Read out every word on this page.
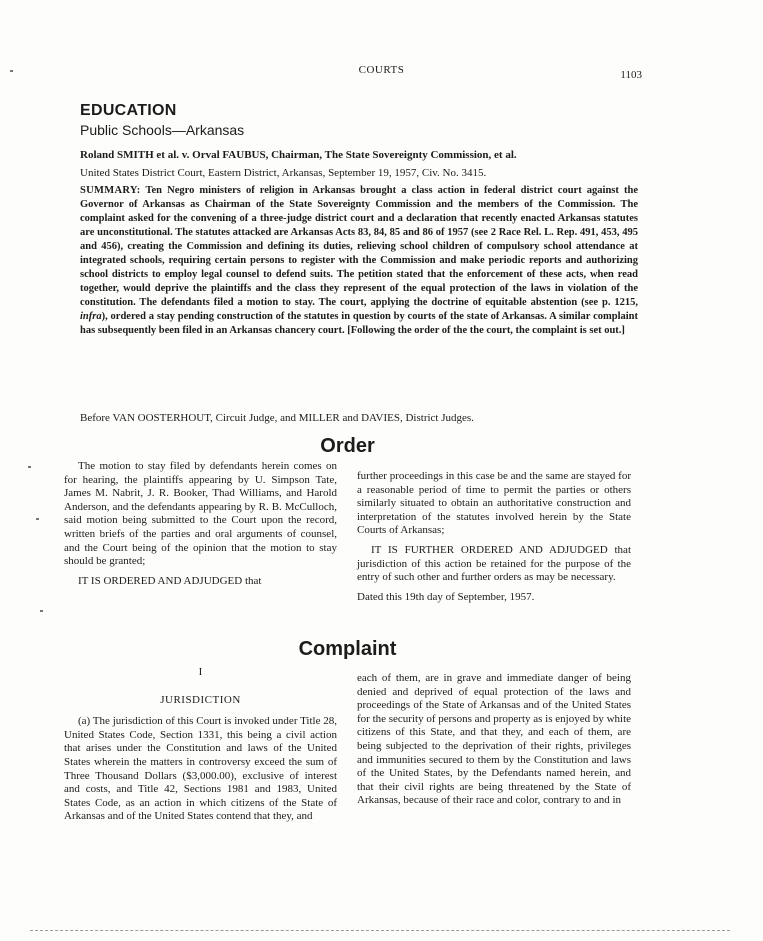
COURTS	1103
EDUCATION
Public Schools—Arkansas

Roland SMITH et al. v. Orval FAUBUS, Chairman, The State Sovereignty Commission, et al.

United States District Court, Eastern District, Arkansas, September 19, 1957, Civ. No. 3415.

SUMMARY: Ten Negro ministers of religion in Arkansas brought a class action in federal district court against the Governor of Arkansas as Chairman of the State Sovereignty Commission and the members of the Commission. The complaint asked for the convening of a three-judge district court and a declaration that recently enacted Arkansas statutes are unconstitutional. The statutes attacked are Arkansas Acts 83, 84, 85 and 86 of 1957 (see 2 Race Rel. L. Rep. 491, 453, 495 and 456), creating the Commission and defining its duties, relieving school children of compulsory school attendance at integrated schools, requiring certain persons to register with the Commission and make periodic reports and authorizing school districts to employ legal counsel to defend suits. The petition stated that the enforcement of these acts, when read together, would deprive the plaintiffs and the class they represent of the equal protection of the laws in violation of the constitution. The defendants filed a motion to stay. The court, applying the doctrine of equitable abstention (see p. 1215, infra), ordered a stay pending construction of the statutes in question by courts of the state of Arkansas. A similar complaint has subsequently been filed in an Arkansas chancery court. [Following the order of the the court, the complaint is set out.]

Before VAN OOSTERHOUT, Circuit Judge, and MILLER and DAVIES, District Judges.

Order

The motion to stay filed by defendants herein comes on for hearing, the plaintiffs appearing by U. Simpson Tate, James M. Nabrit, J. R. Booker, Thad Williams, and Harold Anderson, and the defendants appearing by R. B. McCulloch, said motion being submitted to the Court upon the record, written briefs of the parties and oral arguments of counsel, and the Court being of the opinion that the motion to stay should be granted;

IT IS ORDERED AND ADJUDGED that

further proceedings in this case be and the same are stayed for a reasonable period of time to permit the parties or others similarly situated to obtain an authoritative construction and interpretation of the statutes involved herein by the State Courts of Arkansas;

IT IS FURTHER ORDERED AND ADJUDGED that jurisdiction of this action be retained for the purpose of the entry of such other and further orders as may be necessary.

Dated this 19th day of September, 1957.

Complaint

I

JURISDICTION

(a) The jurisdiction of this Court is invoked under Title 28, United States Code, Section 1331, this being a civil action that arises under the Constitution and laws of the United States wherein the matters in controversy exceed the sum of Three Thousand Dollars ($3,000.00), exclusive of interest and costs, and Title 42, Sections 1981 and 1983, United States Code, as an action in which citizens of the State of Arkansas and of the United States contend that they, and

each of them, are in grave and immediate danger of being denied and deprived of equal protection of the laws and proceedings of the State of Arkansas and of the United States for the security of persons and property as is enjoyed by white citizens of this State, and that they, and each of them, are being subjected to the deprivation of their rights, privileges and immunities secured to them by the Constitution and laws of the United States, by the Defendants named herein, and that their civil rights are being threatened by the State of Arkansas, because of their race and color, contrary to and in
